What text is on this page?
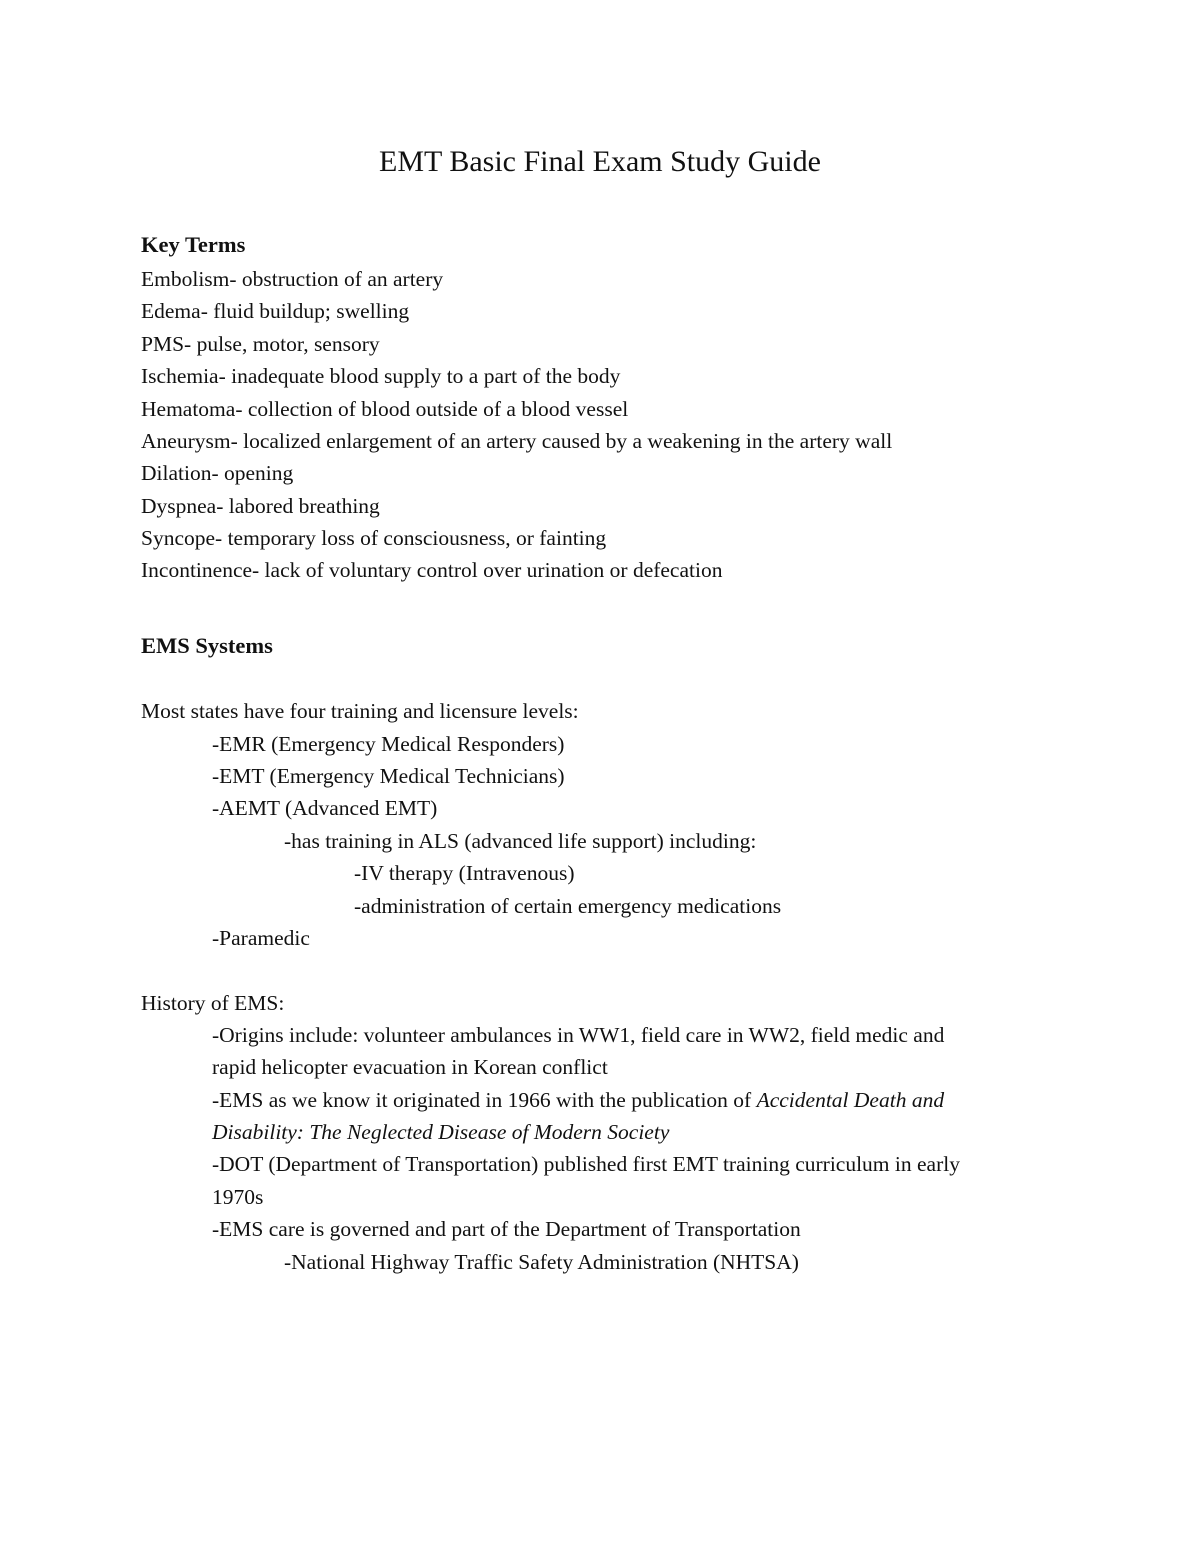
EMT Basic Final Exam Study Guide
Key Terms
Embolism- obstruction of an artery
Edema- fluid buildup; swelling
PMS- pulse, motor, sensory
Ischemia- inadequate blood supply to a part of the body
Hematoma- collection of blood outside of a blood vessel
Aneurysm- localized enlargement of an artery caused by a weakening in the artery wall
Dilation- opening
Dyspnea- labored breathing
Syncope- temporary loss of consciousness, or fainting
Incontinence- lack of voluntary control over urination or defecation
EMS Systems
Most states have four training and licensure levels:
-EMR (Emergency Medical Responders)
-EMT (Emergency Medical Technicians)
-AEMT (Advanced EMT)
-has training in ALS (advanced life support) including:
-IV therapy (Intravenous)
-administration of certain emergency medications
-Paramedic
History of EMS:
-Origins include: volunteer ambulances in WW1, field care in WW2, field medic and
rapid helicopter evacuation in Korean conflict
-EMS as we know it originated in 1966 with the publication of Accidental Death and
Disability: The Neglected Disease of Modern Society
-DOT (Department of Transportation) published first EMT training curriculum in early
1970s
-EMS care is governed and part of the Department of Transportation
-National Highway Traffic Safety Administration (NHTSA)
